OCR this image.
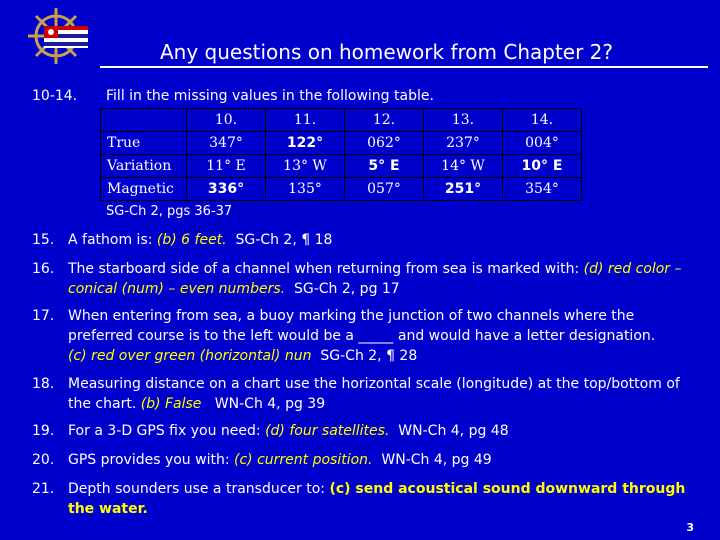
Any questions on homework from Chapter 2?
10-14. Fill in the missing values in the following table.
	10.	11.	12.	13.	14.
True	347°	122°	062°	237°	004°
Variation	11° E	13° W	5° E	14° W	10° E
Magnetic	336°	135°	057°	251°	354°
SG-Ch 2, pgs 36-37
15. A fathom is: (b) 6 feet. SG-Ch 2, ¶ 18
16. The starboard side of a channel when returning from sea is marked with: (d) red color – conical (num) – even numbers. SG-Ch 2, pg 17
17. When entering from sea, a buoy marking the junction of two channels where the preferred course is to the left would be a _____ and would have a letter designation.
(c) red over green (horizontal) nun SG-Ch 2, ¶ 28
18. Measuring distance on a chart use the horizontal scale (longitude) at the top/bottom of the chart. (b) False WN-Ch 4, pg 39
19. For a 3-D GPS fix you need: (d) four satellites. WN-Ch 4, pg 48
20. GPS provides you with: (c) current position. WN-Ch 4, pg 49
21. Depth sounders use a transducer to: (c) send acoustical sound downward through the water.
3
